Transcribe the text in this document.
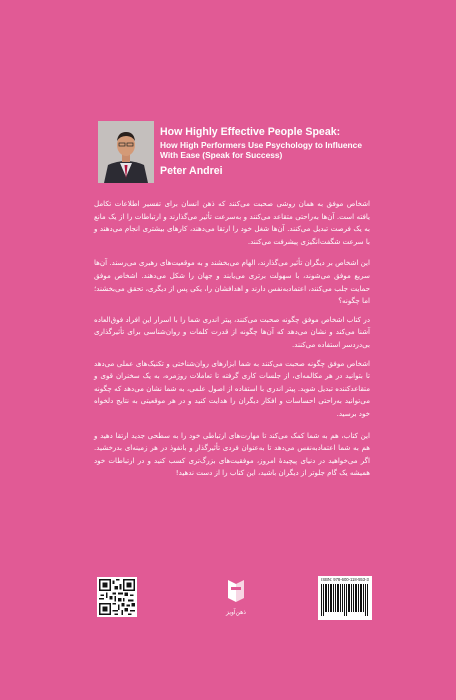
How Highly Effective People Speak:
How High Performers Use Psychology to Influence With Ease (Speak for Success)
Peter Andrei

اشخاص موفق به همان روشی صحبت می‌کنند که ذهن انسان برای تفسیر اطلاعات تکامل یافته است. آن‌ها به‌راحتی متقاعد می‌کنند و به‌سرعت تأثیر می‌گذارند و ارتباطات را از یک مانع به یک فرصت تبدیل می‌کنند. آن‌ها شغل خود را ارتقا می‌دهند، کارهای بیشتری انجام می‌دهند و با سرعت شگفت‌انگیزی پیشرفت می‌کنند.

این اشخاص بر دیگران تأثیر می‌گذارند، الهام می‌بخشند و به موقعیت‌های رهبری می‌رسند. آن‌ها سریع موفق می‌شوند، با سهولت برتری می‌یابند و جهان را شکل می‌دهند. اشخاص موفق حمایت جلب می‌کنند، اعتمادبه‌نفس دارند و اهدافشان را، یکی پس از دیگری، تحقق می‌بخشند؛ اما چگونه؟

در کتاب اشخاص موفق چگونه صحبت می‌کنند، پیتر اندری شما را با اسرار این افراد فوق‌العاده آشنا می‌کند و نشان می‌دهد که آن‌ها چگونه از قدرت کلمات و روان‌شناسی برای تأثیرگذاری بی‌دردسر استفاده می‌کنند.

اشخاص موفق چگونه صحبت می‌کنند به شما ابزارهای روان‌شناختی و تکنیک‌های عملی می‌دهد تا بتوانید در هر مکالمه‌ای، از جلسات کاری گرفته تا تعاملات روزمره، به یک سخنران قوی و متقاعدکننده تبدیل شوید. پیتر اندری با استفاده از اصول علمی، به شما نشان می‌دهد که چگونه می‌توانید به‌راحتی احساسات و افکار دیگران را هدایت کنید و در هر موقعیتی به نتایج دلخواه خود برسید.

این کتاب، هم به شما کمک می‌کند تا مهارت‌های ارتباطی خود را به سطحی جدید ارتقا دهید و هم به شما اعتمادبه‌نفس می‌دهد تا به‌عنوان فردی تأثیرگذار و بانفوذ در هر زمینه‌ای بدرخشید. اگر می‌خواهید در دنیای پیچیدهٔ امروز، موفقیت‌های بزرگ‌تری کسب کنید و در ارتباطات خود همیشه یک گام جلوتر از دیگران باشید، این کتاب را از دست ندهید!

ذهن‌آویز
ISBN: 978-600-118-553-3
